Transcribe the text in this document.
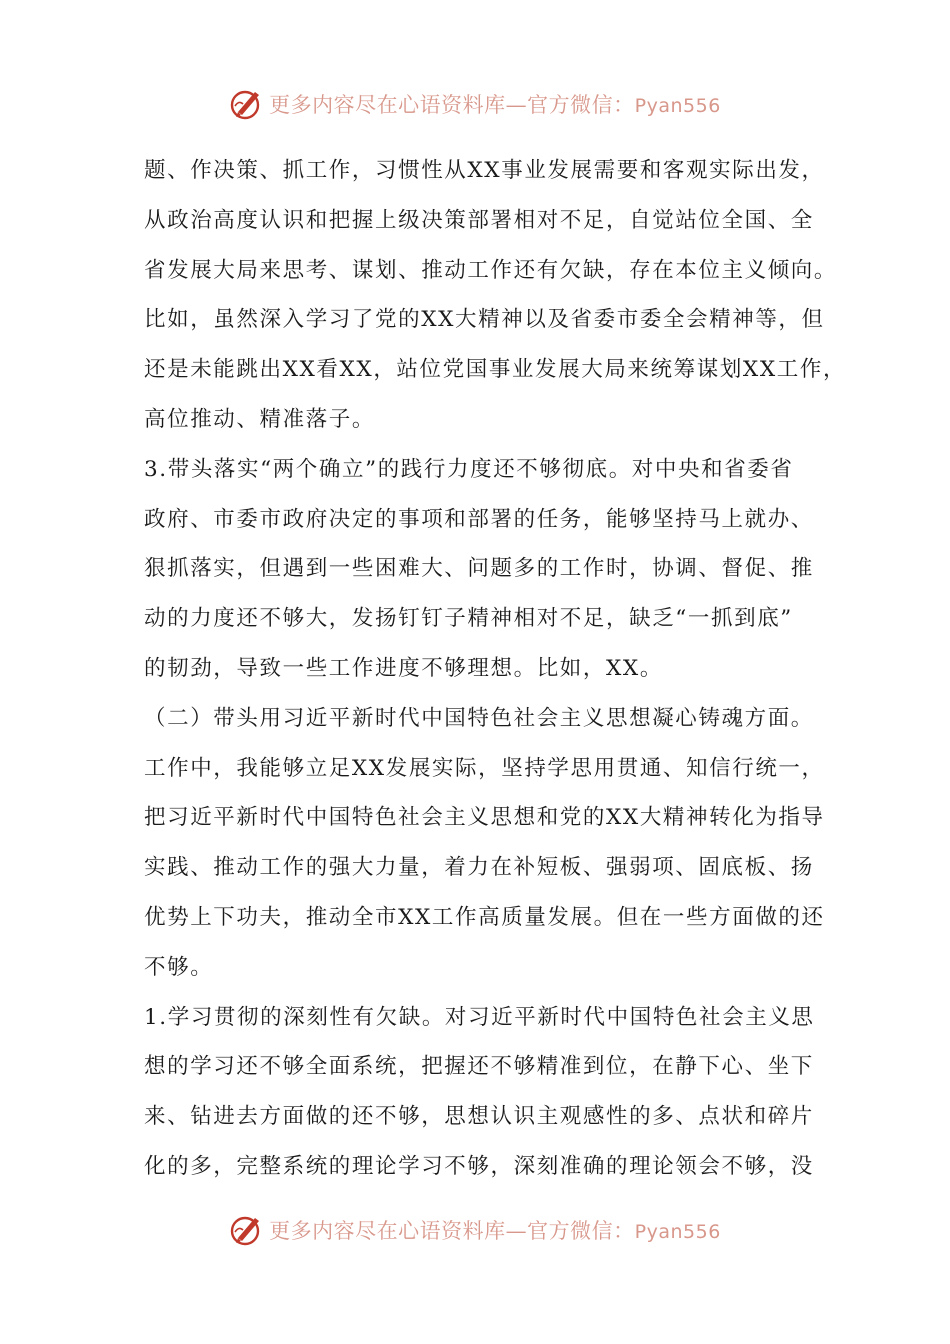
更多内容尽在心语资料库—官方微信：Pyan556
题、作决策、抓工作，习惯性从XX事业发展需要和客观实际出发，
从政治高度认识和把握上级决策部署相对不足，自觉站位全国、全
省发展大局来思考、谋划、推动工作还有欠缺，存在本位主义倾向。
比如，虽然深入学习了党的XX大精神以及省委市委全会精神等，但
还是未能跳出XX看XX，站位党国事业发展大局来统筹谋划XX工作，
高位推动、精准落子。
3.带头落实“两个确立”的践行力度还不够彻底。对中央和省委省
政府、市委市政府决定的事项和部署的任务，能够坚持马上就办、
狠抓落实，但遇到一些困难大、问题多的工作时，协调、督促、推
动的力度还不够大，发扬钉钉子精神相对不足，缺乏“一抓到底”
的韧劲，导致一些工作进度不够理想。比如，XX。
（二）带头用习近平新时代中国特色社会主义思想凝心铸魂方面。
工作中，我能够立足XX发展实际，坚持学思用贯通、知信行统一，
把习近平新时代中国特色社会主义思想和党的XX大精神转化为指导
实践、推动工作的强大力量，着力在补短板、强弱项、固底板、扬
优势上下功夫，推动全市XX工作高质量发展。但在一些方面做的还
不够。
1.学习贯彻的深刻性有欠缺。对习近平新时代中国特色社会主义思
想的学习还不够全面系统，把握还不够精准到位，在静下心、坐下
来、钻进去方面做的还不够，思想认识主观感性的多、点状和碎片
化的多，完整系统的理论学习不够，深刻准确的理论领会不够，没
更多内容尽在心语资料库—官方微信：Pyan556
